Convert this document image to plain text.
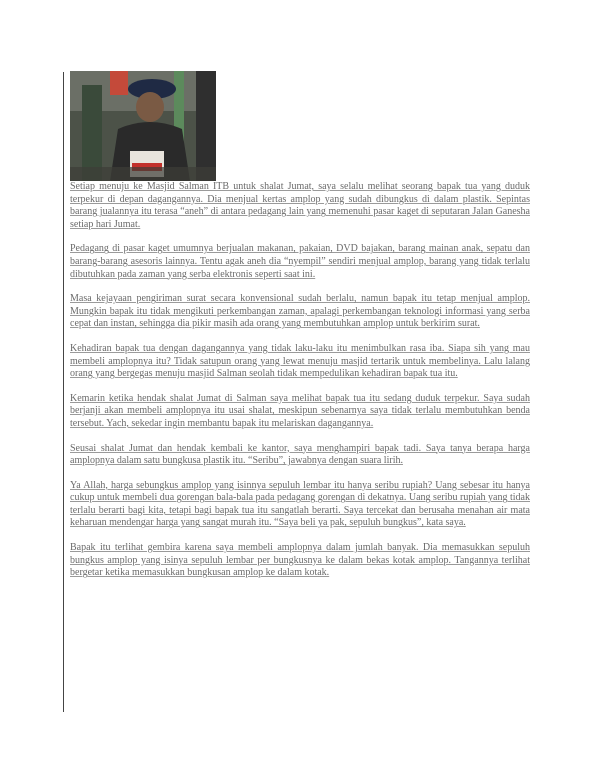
Setiap menuju ke Masjid Salman ITB untuk shalat Jumat, saya selalu melihat seorang bapak tua yang duduk terpekur di depan dagangannya. Dia menjual kertas amplop yang sudah dibungkus di dalam plastik. Sepintas barang jualannya itu terasa “aneh” di antara pedagang lain yang memenuhi pasar kaget di seputaran Jalan Ganesha setiap hari Jumat.

Pedagang di pasar kaget umumnya berjualan makanan, pakaian, DVD bajakan, barang mainan anak, sepatu dan barang-barang asesoris lainnya. Tentu agak aneh dia “nyempil” sendiri menjual amplop, barang yang tidak terlalu dibutuhkan pada zaman yang serba elektronis seperti saat ini.

Masa kejayaan pengiriman surat secara konvensional sudah berlalu, namun bapak itu tetap menjual amplop. Mungkin bapak itu tidak mengikuti perkembangan zaman, apalagi perkembangan teknologi informasi yang serba cepat dan instan, sehingga dia pikir masih ada orang yang membutuhkan amplop untuk berkirim surat.

Kehadiran bapak tua dengan dagangannya yang tidak laku-laku itu menimbulkan rasa iba. Siapa sih yang mau membeli amplopnya itu? Tidak satupun orang yang lewat menuju masjid tertarik untuk membelinya. Lalu lalang orang yang bergegas menuju masjid Salman seolah tidak mempedulikan kehadiran bapak tua itu.

Kemarin ketika hendak shalat Jumat di Salman saya melihat bapak tua itu sedang duduk terpekur. Saya sudah berjanji akan membeli amplopnya itu usai shalat, meskipun sebenarnya saya tidak terlalu membutuhkan benda tersebut. Yach, sekedar ingin membantu bapak itu melariskan dagangannya.

Seusai shalat Jumat dan hendak kembali ke kantor, saya menghampiri bapak tadi. Saya tanya berapa harga amplopnya dalam satu bungkusa plastik itu. “Seribu”, jawabnya dengan suara lirih.

Ya Allah, harga sebungkus amplop yang isinnya sepuluh lembar itu hanya seribu rupiah? Uang sebesar itu hanya cukup untuk membeli dua gorengan bala-bala pada pedagang gorengan di dekatnya. Uang seribu rupiah yang tidak terlalu berarti bagi kita, tetapi bagi bapak tua itu sangatlah berarti. Saya tercekat dan berusaha menahan air mata keharuan mendengar harga yang sangat murah itu. “Saya beli ya pak, sepuluh bungkus”, kata saya.

Bapak itu terlihat gembira karena saya membeli amplopnya dalam jumlah banyak. Dia memasukkan sepuluh bungkus amplop yang isinya sepuluh lembar per bungkusnya ke dalam bekas kotak amplop. Tangannya terlihat bergetar ketika memasukkan bungkusan amplop ke dalam kotak.
